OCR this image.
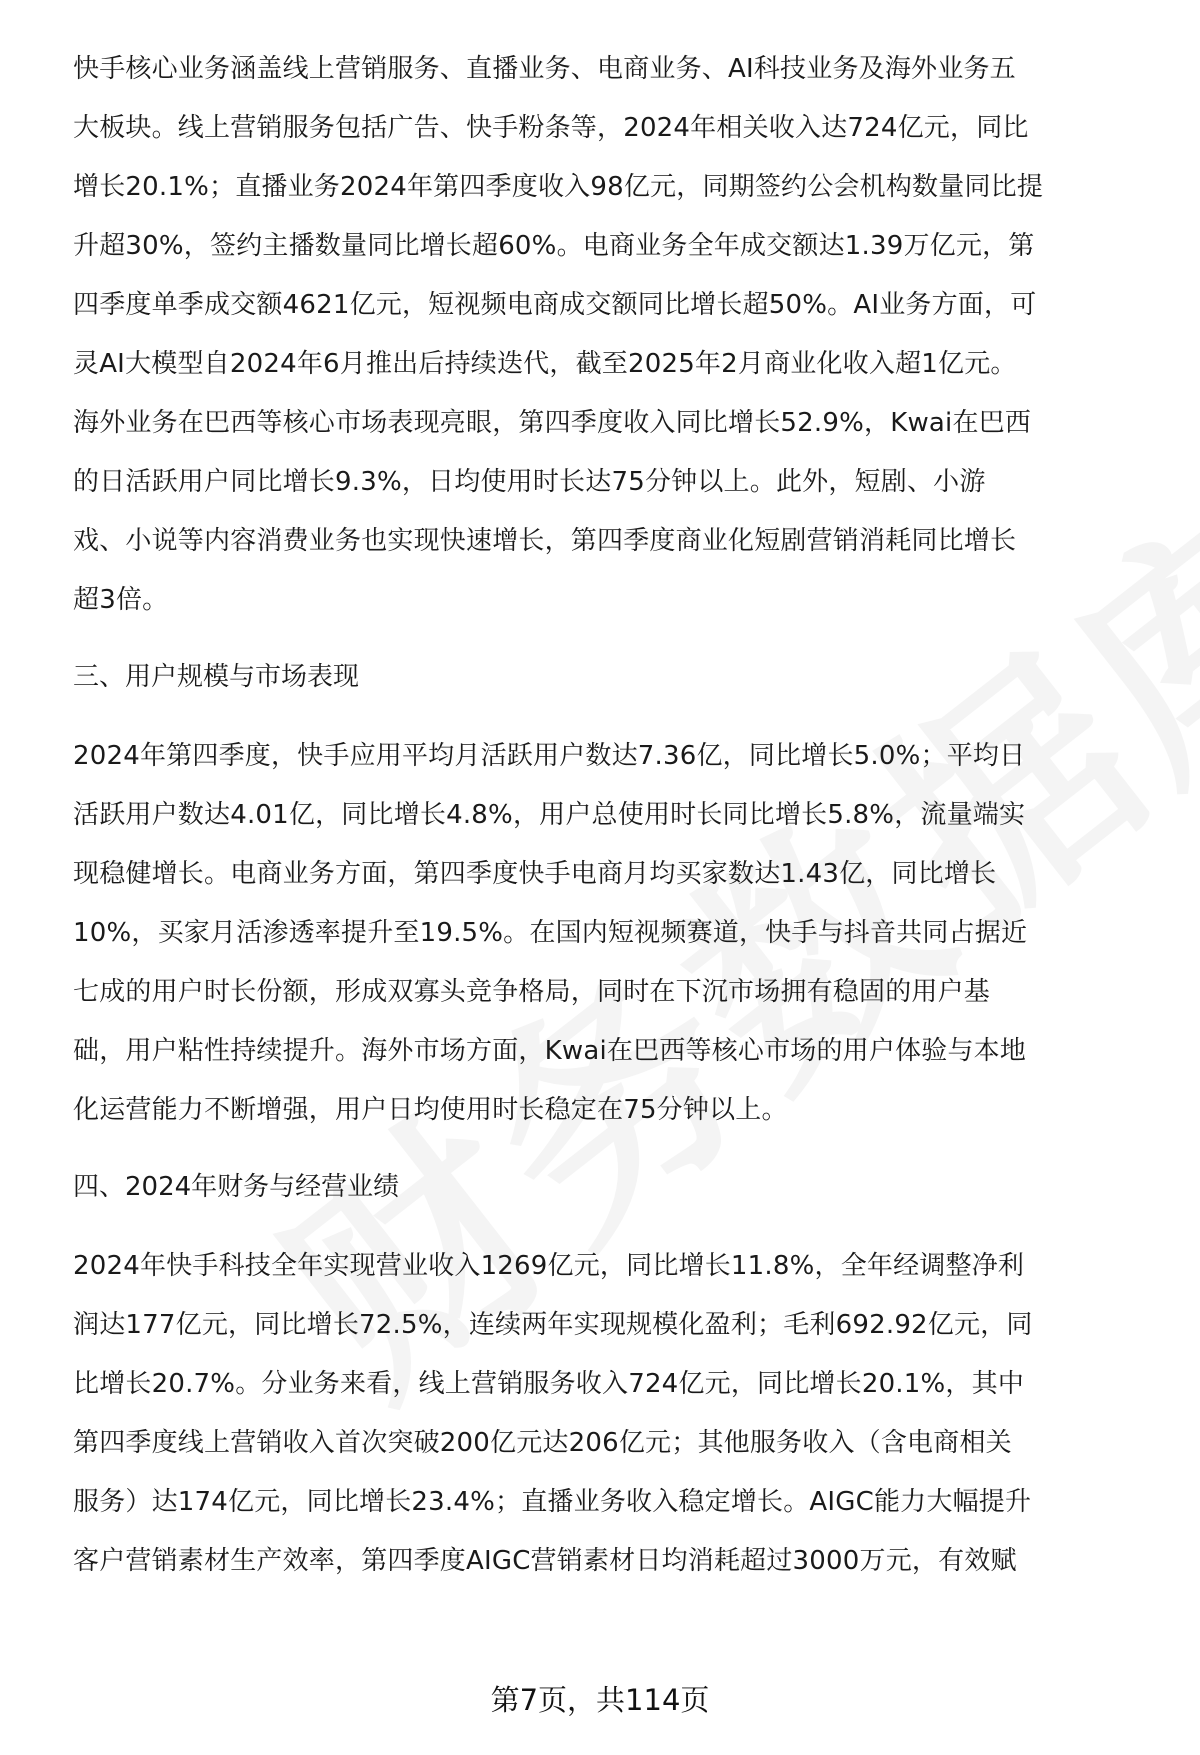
快手核心业务涵盖线上营销服务、直播业务、电商业务、AI科技业务及海外业务五
大板块。线上营销服务包括广告、快手粉条等，2024年相关收入达724亿元，同比
增长20.1%；直播业务2024年第四季度收入98亿元，同期签约公会机构数量同比提
升超30%，签约主播数量同比增长超60%。电商业务全年成交额达1.39万亿元，第
四季度单季成交额4621亿元，短视频电商成交额同比增长超50%。AI业务方面，可
灵AI大模型自2024年6月推出后持续迭代，截至2025年2月商业化收入超1亿元。
海外业务在巴西等核心市场表现亮眼，第四季度收入同比增长52.9%，Kwai在巴西
的日活跃用户同比增长9.3%，日均使用时长达75分钟以上。此外，短剧、小游
戏、小说等内容消费业务也实现快速增长，第四季度商业化短剧营销消耗同比增长
超3倍。
三、用户规模与市场表现
2024年第四季度，快手应用平均月活跃用户数达7.36亿，同比增长5.0%；平均日
活跃用户数达4.01亿，同比增长4.8%，用户总使用时长同比增长5.8%，流量端实
现稳健增长。电商业务方面，第四季度快手电商月均买家数达1.43亿，同比增长
10%，买家月活渗透率提升至19.5%。在国内短视频赛道，快手与抖音共同占据近
七成的用户时长份额，形成双寡头竞争格局，同时在下沉市场拥有稳固的用户基
础，用户粘性持续提升。海外市场方面，Kwai在巴西等核心市场的用户体验与本地
化运营能力不断增强，用户日均使用时长稳定在75分钟以上。
四、2024年财务与经营业绩
2024年快手科技全年实现营业收入1269亿元，同比增长11.8%，全年经调整净利
润达177亿元，同比增长72.5%，连续两年实现规模化盈利；毛利692.92亿元，同
比增长20.7%。分业务来看，线上营销服务收入724亿元，同比增长20.1%，其中
第四季度线上营销收入首次突破200亿元达206亿元；其他服务收入（含电商相关
服务）达174亿元，同比增长23.4%；直播业务收入稳定增长。AIGC能力大幅提升
客户营销素材生产效率，第四季度AIGC营销素材日均消耗超过3000万元，有效赋
第7页，共114页
